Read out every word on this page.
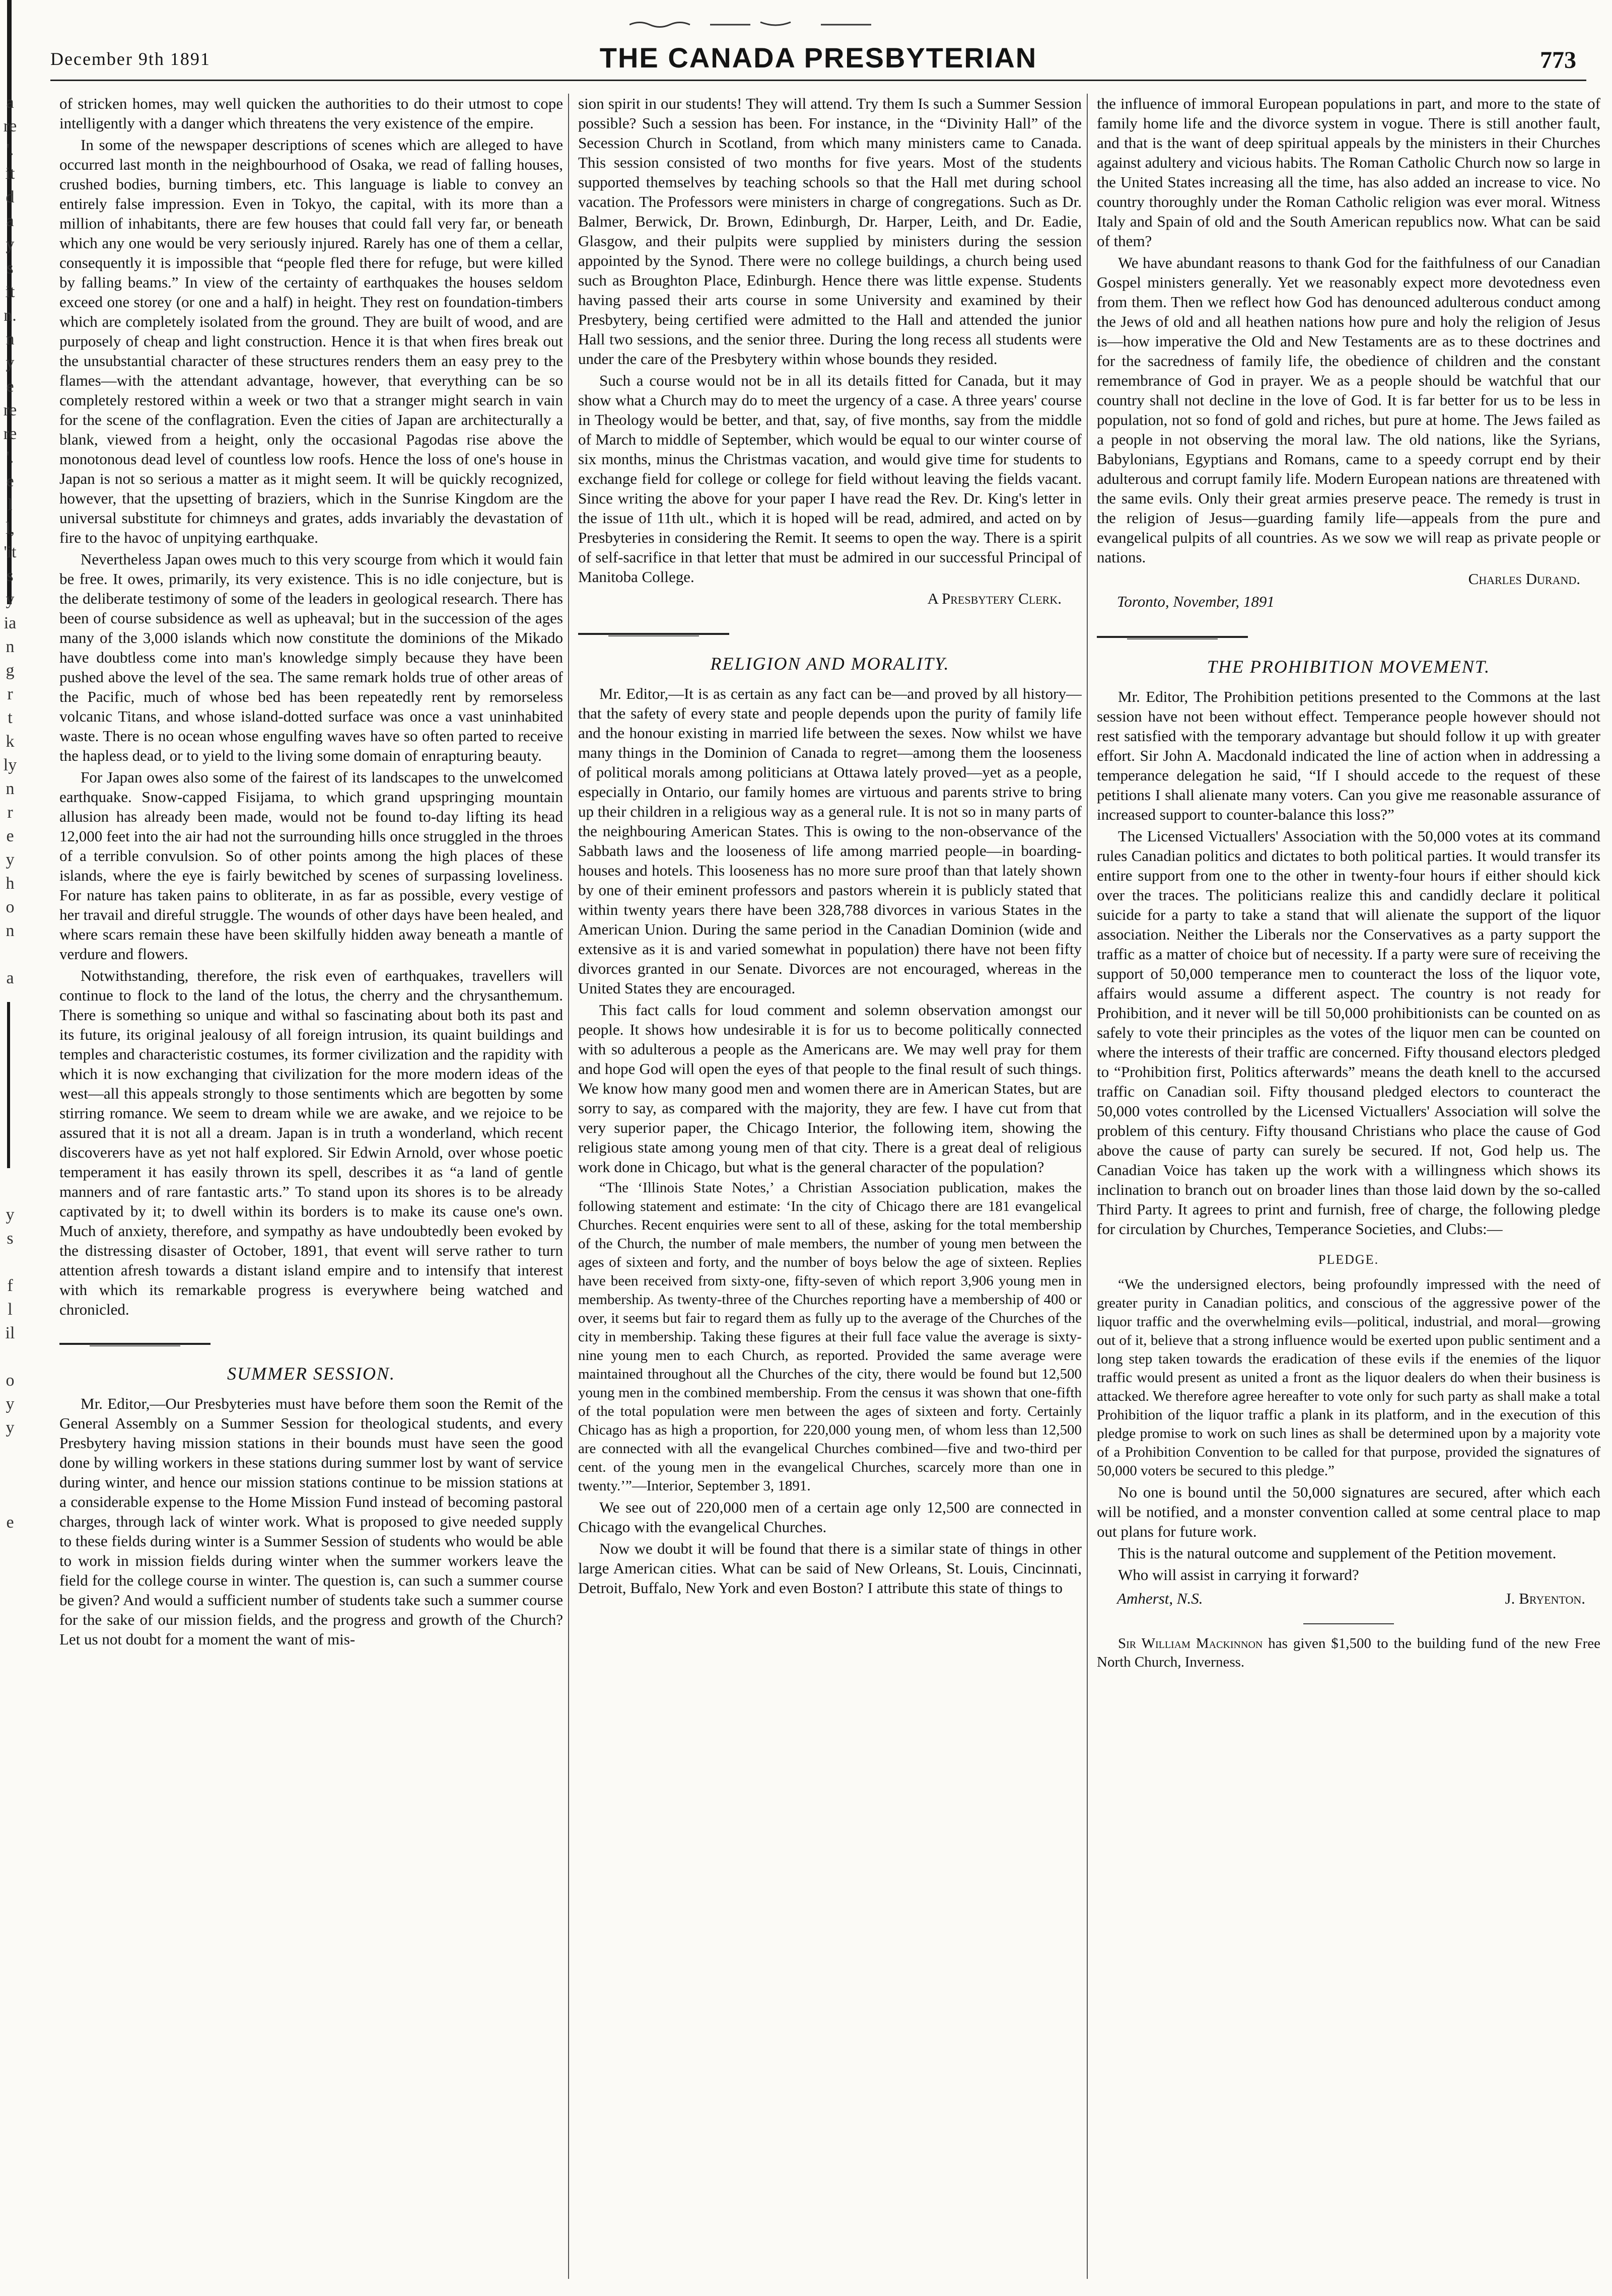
a
re
'.
it
d
a
y
s
it
n.
n
y
e
re
re
'.
e
l
l,
'it
s
y
ia
n
g
r
t
k
ly
n
r
e
y
h
o
n
a
y
s
f
l
il
o
y
y
e
December 9th 1891	THE CANADA PRESBYTERIAN	773

of stricken homes, may well quicken the authorities to do their utmost to cope intelligently with a danger which threatens the very existence of the empire.

In some of the newspaper descriptions of scenes which are alleged to have occurred last month in the neighbourhood of Osaka, we read of falling houses, crushed bodies, burning timbers, etc. This language is liable to convey an entirely false impression. Even in Tokyo, the capital, with its more than a million of inhabitants, there are few houses that could fall very far, or beneath which any one would be very seriously injured. Rarely has one of them a cellar, consequently it is impossible that “people fled there for refuge, but were killed by falling beams.” In view of the certainty of earthquakes the houses seldom exceed one storey (or one and a half) in height. They rest on foundation-timbers which are completely isolated from the ground. They are built of wood, and are purposely of cheap and light construction. Hence it is that when fires break out the unsubstantial character of these structures renders them an easy prey to the flames—with the attendant advantage, however, that everything can be so completely restored within a week or two that a stranger might search in vain for the scene of the conflagration. Even the cities of Japan are architecturally a blank, viewed from a height, only the occasional Pagodas rise above the monotonous dead level of countless low roofs. Hence the loss of one's house in Japan is not so serious a matter as it might seem. It will be quickly recognized, however, that the upsetting of braziers, which in the Sunrise Kingdom are the universal substitute for chimneys and grates, adds invariably the devastation of fire to the havoc of unpitying earthquake.

Nevertheless Japan owes much to this very scourge from which it would fain be free. It owes, primarily, its very existence. This is no idle conjecture, but is the deliberate testimony of some of the leaders in geological research. There has been of course subsidence as well as upheaval; but in the succession of the ages many of the 3,000 islands which now constitute the dominions of the Mikado have doubtless come into man's knowledge simply because they have been pushed above the level of the sea. The same remark holds true of other areas of the Pacific, much of whose bed has been repeatedly rent by remorseless volcanic Titans, and whose island-dotted surface was once a vast uninhabited waste. There is no ocean whose engulfing waves have so often parted to receive the hapless dead, or to yield to the living some domain of enrapturing beauty.

For Japan owes also some of the fairest of its landscapes to the unwelcomed earthquake. Snow-capped Fisijama, to which grand upspringing mountain allusion has already been made, would not be found to-day lifting its head 12,000 feet into the air had not the surrounding hills once struggled in the throes of a terrible convulsion. So of other points among the high places of these islands, where the eye is fairly bewitched by scenes of surpassing loveliness. For nature has taken pains to obliterate, in as far as possible, every vestige of her travail and direful struggle. The wounds of other days have been healed, and where scars remain these have been skilfully hidden away beneath a mantle of verdure and flowers.

Notwithstanding, therefore, the risk even of earthquakes, travellers will continue to flock to the land of the lotus, the cherry and the chrysanthemum. There is something so unique and withal so fascinating about both its past and its future, its original jealousy of all foreign intrusion, its quaint buildings and temples and characteristic costumes, its former civilization and the rapidity with which it is now exchanging that civilization for the more modern ideas of the west—all this appeals strongly to those sentiments which are begotten by some stirring romance. We seem to dream while we are awake, and we rejoice to be assured that it is not all a dream. Japan is in truth a wonderland, which recent discoverers have as yet not half explored. Sir Edwin Arnold, over whose poetic temperament it has easily thrown its spell, describes it as “a land of gentle manners and of rare fantastic arts.” To stand upon its shores is to be already captivated by it; to dwell within its borders is to make its cause one's own. Much of anxiety, therefore, and sympathy as have undoubtedly been evoked by the distressing disaster of October, 1891, that event will serve rather to turn attention afresh towards a distant island empire and to intensify that interest with which its remarkable progress is everywhere being watched and chronicled.

SUMMER SESSION.

Mr. Editor,—Our Presbyteries must have before them soon the Remit of the General Assembly on a Summer Session for theological students, and every Presbytery having mission stations in their bounds must have seen the good done by willing workers in these stations during summer lost by want of service during winter, and hence our mission stations continue to be mission stations at a considerable expense to the Home Mission Fund instead of becoming pastoral charges, through lack of winter work. What is proposed to give needed supply to these fields during winter is a Summer Session of students who would be able to work in mission fields during winter when the summer workers leave the field for the college course in winter. The question is, can such a summer course be given? And would a sufficient number of students take such a summer course for the sake of our mission fields, and the progress and growth of the Church? Let us not doubt for a moment the want of mis-

sion spirit in our students! They will attend. Try them Is such a Summer Session possible? Such a session has been. For instance, in the “Divinity Hall” of the Secession Church in Scotland, from which many ministers came to Canada. This session consisted of two months for five years. Most of the students supported themselves by teaching schools so that the Hall met during school vacation. The Professors were ministers in charge of congregations. Such as Dr. Balmer, Berwick, Dr. Brown, Edinburgh, Dr. Harper, Leith, and Dr. Eadie, Glasgow, and their pulpits were supplied by ministers during the session appointed by the Synod. There were no college buildings, a church being used such as Broughton Place, Edinburgh. Hence there was little expense. Students having passed their arts course in some University and examined by their Presbytery, being certified were admitted to the Hall and attended the junior Hall two sessions, and the senior three. During the long recess all students were under the care of the Presbytery within whose bounds they resided.

Such a course would not be in all its details fitted for Canada, but it may show what a Church may do to meet the urgency of a case. A three years' course in Theology would be better, and that, say, of five months, say from the middle of March to middle of September, which would be equal to our winter course of six months, minus the Christmas vacation, and would give time for students to exchange field for college or college for field without leaving the fields vacant. Since writing the above for your paper I have read the Rev. Dr. King's letter in the issue of 11th ult., which it is hoped will be read, admired, and acted on by Presbyteries in considering the Remit. It seems to open the way. There is a spirit of self-sacrifice in that letter that must be admired in our successful Principal of Manitoba College.

A Presbytery Clerk.
RELIGION AND MORALITY.

Mr. Editor,—It is as certain as any fact can be—and proved by all history—that the safety of every state and people depends upon the purity of family life and the honour existing in married life between the sexes. Now whilst we have many things in the Dominion of Canada to regret—among them the looseness of political morals among politicians at Ottawa lately proved—yet as a people, especially in Ontario, our family homes are virtuous and parents strive to bring up their children in a religious way as a general rule. It is not so in many parts of the neighbouring American States. This is owing to the non-observance of the Sabbath laws and the looseness of life among married people—in boarding-houses and hotels. This looseness has no more sure proof than that lately shown by one of their eminent professors and pastors wherein it is publicly stated that within twenty years there have been 328,788 divorces in various States in the American Union. During the same period in the Canadian Dominion (wide and extensive as it is and varied somewhat in population) there have not been fifty divorces granted in our Senate. Divorces are not encouraged, whereas in the United States they are encouraged.

This fact calls for loud comment and solemn observation amongst our people. It shows how undesirable it is for us to become politically connected with so adulterous a people as the Americans are. We may well pray for them and hope God will open the eyes of that people to the final result of such things. We know how many good men and women there are in American States, but are sorry to say, as compared with the majority, they are few. I have cut from that very superior paper, the Chicago Interior, the following item, showing the religious state among young men of that city. There is a great deal of religious work done in Chicago, but what is the general character of the population?

“The ‘Illinois State Notes,’ a Christian Association publication, makes the following statement and estimate: ‘In the city of Chicago there are 181 evangelical Churches. Recent enquiries were sent to all of these, asking for the total membership of the Church, the number of male members, the number of young men between the ages of sixteen and forty, and the number of boys below the age of sixteen. Replies have been received from sixty-one, fifty-seven of which report 3,906 young men in membership. As twenty-three of the Churches reporting have a membership of 400 or over, it seems but fair to regard them as fully up to the average of the Churches of the city in membership. Taking these figures at their full face value the average is sixty-nine young men to each Church, as reported. Provided the same average were maintained throughout all the Churches of the city, there would be found but 12,500 young men in the combined membership. From the census it was shown that one-fifth of the total population were men between the ages of sixteen and forty. Certainly Chicago has as high a proportion, for 220,000 young men, of whom less than 12,500 are connected with all the evangelical Churches combined—five and two-third per cent. of the young men in the evangelical Churches, scarcely more than one in twenty.’”—Interior, September 3, 1891.

We see out of 220,000 men of a certain age only 12,500 are connected in Chicago with the evangelical Churches.

Now we doubt it will be found that there is a similar state of things in other large American cities. What can be said of New Orleans, St. Louis, Cincinnati, Detroit, Buffalo, New York and even Boston? I attribute this state of things to

the influence of immoral European populations in part, and more to the state of family home life and the divorce system in vogue. There is still another fault, and that is the want of deep spiritual appeals by the ministers in their Churches against adultery and vicious habits. The Roman Catholic Church now so large in the United States increasing all the time, has also added an increase to vice. No country thoroughly under the Roman Catholic religion was ever moral. Witness Italy and Spain of old and the South American republics now. What can be said of them?

We have abundant reasons to thank God for the faithfulness of our Canadian Gospel ministers generally. Yet we reasonably expect more devotedness even from them. Then we reflect how God has denounced adulterous conduct among the Jews of old and all heathen nations how pure and holy the religion of Jesus is—how imperative the Old and New Testaments are as to these doctrines and for the sacredness of family life, the obedience of children and the constant remembrance of God in prayer. We as a people should be watchful that our country shall not decline in the love of God. It is far better for us to be less in population, not so fond of gold and riches, but pure at home. The Jews failed as a people in not observing the moral law. The old nations, like the Syrians, Babylonians, Egyptians and Romans, came to a speedy corrupt end by their adulterous and corrupt family life. Modern European nations are threatened with the same evils. Only their great armies preserve peace. The remedy is trust in the religion of Jesus—guarding family life—appeals from the pure and evangelical pulpits of all countries. As we sow we will reap as private people or nations.

Charles Durand.
Toronto, November, 1891
THE PROHIBITION MOVEMENT.

Mr. Editor, The Prohibition petitions presented to the Commons at the last session have not been without effect. Temperance people however should not rest satisfied with the temporary advantage but should follow it up with greater effort. Sir John A. Macdonald indicated the line of action when in addressing a temperance delegation he said, “If I should accede to the request of these petitions I shall alienate many voters. Can you give me reasonable assurance of increased support to counter-balance this loss?”

The Licensed Victuallers' Association with the 50,000 votes at its command rules Canadian politics and dictates to both political parties. It would transfer its entire support from one to the other in twenty-four hours if either should kick over the traces. The politicians realize this and candidly declare it political suicide for a party to take a stand that will alienate the support of the liquor association. Neither the Liberals nor the Conservatives as a party support the traffic as a matter of choice but of necessity. If a party were sure of receiving the support of 50,000 temperance men to counteract the loss of the liquor vote, affairs would assume a different aspect. The country is not ready for Prohibition, and it never will be till 50,000 prohibitionists can be counted on as safely to vote their principles as the votes of the liquor men can be counted on where the interests of their traffic are concerned. Fifty thousand electors pledged to “Prohibition first, Politics afterwards” means the death knell to the accursed traffic on Canadian soil. Fifty thousand pledged electors to counteract the 50,000 votes controlled by the Licensed Victuallers' Association will solve the problem of this century. Fifty thousand Christians who place the cause of God above the cause of party can surely be secured. If not, God help us. The Canadian Voice has taken up the work with a willingness which shows its inclination to branch out on broader lines than those laid down by the so-called Third Party. It agrees to print and furnish, free of charge, the following pledge for circulation by Churches, Temperance Societies, and Clubs:—

PLEDGE.

“We the undersigned electors, being profoundly impressed with the need of greater purity in Canadian politics, and conscious of the aggressive power of the liquor traffic and the overwhelming evils—political, industrial, and moral—growing out of it, believe that a strong influence would be exerted upon public sentiment and a long step taken towards the eradication of these evils if the enemies of the liquor traffic would present as united a front as the liquor dealers do when their business is attacked. We therefore agree hereafter to vote only for such party as shall make a total Prohibition of the liquor traffic a plank in its platform, and in the execution of this pledge promise to work on such lines as shall be determined upon by a majority vote of a Prohibition Convention to be called for that purpose, provided the signatures of 50,000 voters be secured to this pledge.”

No one is bound until the 50,000 signatures are secured, after which each will be notified, and a monster convention called at some central place to map out plans for future work.

This is the natural outcome and supplement of the Petition movement.

Who will assist in carrying it forward?

Amherst, N.S.	J. Bryenton.

Sir William Mackinnon has given $1,500 to the building fund of the new Free North Church, Inverness.
